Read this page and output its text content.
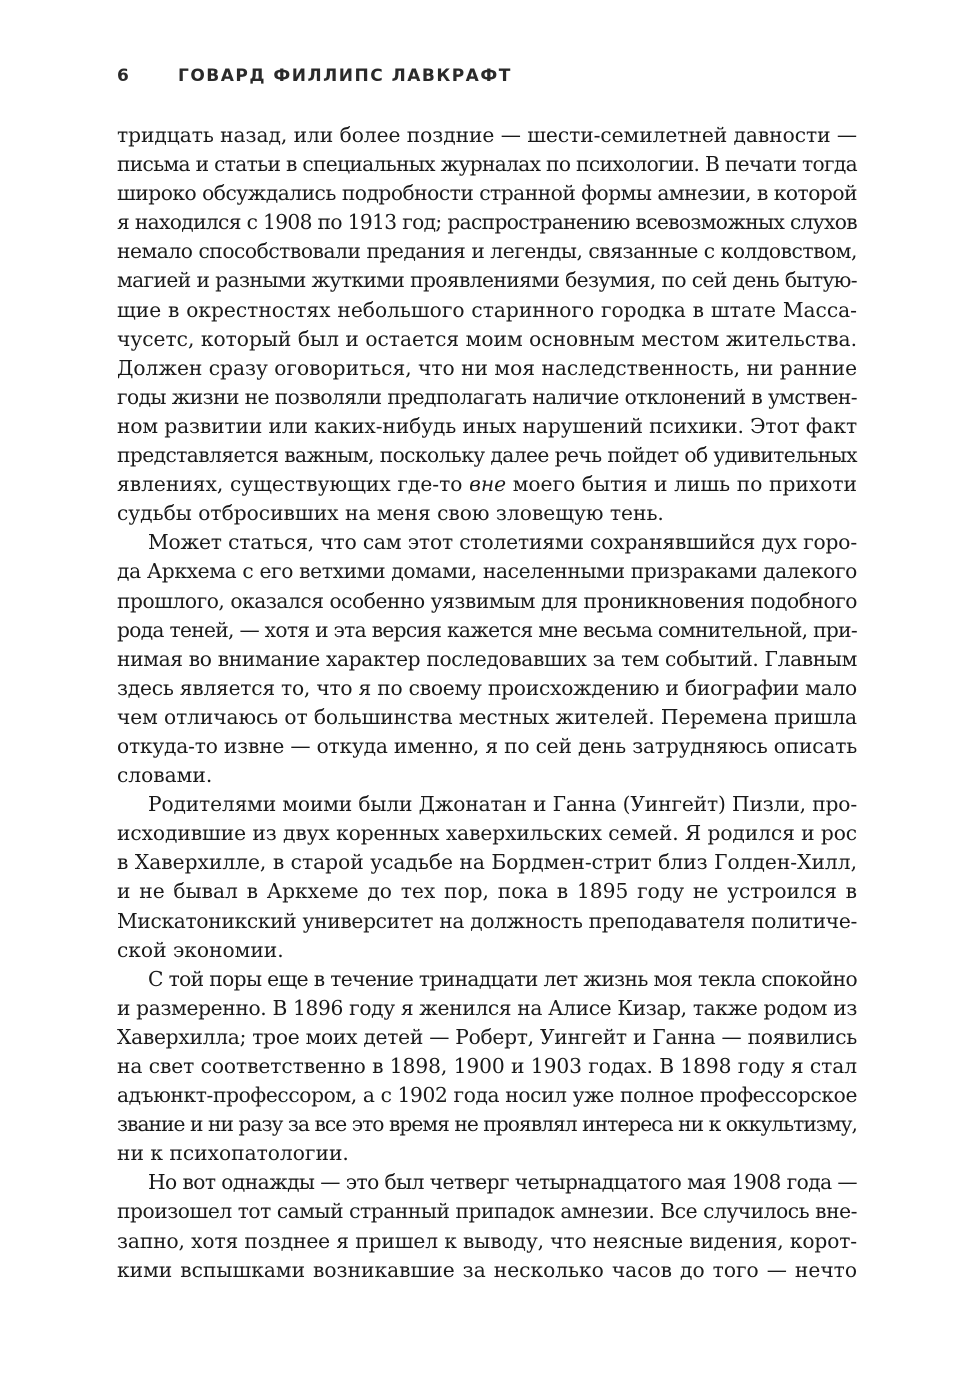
6	ГОВАРД ФИЛЛИПС ЛАВКРАФТ
тридцать назад, или более поздние — шести-семилетней давности —
письма и статьи в специальных журналах по психологии. В печати тогда
широко обсуждались подробности странной формы амнезии, в которой
я находился с 1908 по 1913 год; распространению всевозможных слухов
немало способствовали предания и легенды, связанные с колдовством,
магией и разными жуткими проявлениями безумия, по сей день бытую-
щие в окрестностях небольшого старинного городка в штате Масса-
чусетс, который был и остается моим основным местом жительства.
Должен сразу оговориться, что ни моя наследственность, ни ранние
годы жизни не позволяли предполагать наличие отклонений в умствен-
ном развитии или каких-нибудь иных нарушений психики. Этот факт
представляется важным, поскольку далее речь пойдет об удивительных
явлениях, существующих где-то вне моего бытия и лишь по прихоти
судьбы отбросивших на меня свою зловещую тень.
Может статься, что сам этот столетиями сохранявшийся дух горо-
да Аркхема с его ветхими домами, населенными призраками далекого
прошлого, оказался особенно уязвимым для проникновения подобного
рода теней, — хотя и эта версия кажется мне весьма сомнительной, при-
нимая во внимание характер последовавших за тем событий. Главным
здесь является то, что я по своему происхождению и биографии мало
чем отличаюсь от большинства местных жителей. Перемена пришла
откуда-то извне — откуда именно, я по сей день затрудняюсь описать
словами.
Родителями моими были Джонатан и Ганна (Уингейт) Пизли, про-
исходившие из двух коренных хаверхильских семей. Я родился и рос
в Хаверхилле, в старой усадьбе на Бордмен-стрит близ Голден-Хилл,
и не бывал в Аркхеме до тех пор, пока в 1895 году не устроился в
Мискатоникский университет на должность преподавателя политиче-
ской экономии.
С той поры еще в течение тринадцати лет жизнь моя текла спокойно
и размеренно. В 1896 году я женился на Алисе Кизар, также родом из
Хаверхилла; трое моих детей — Роберт, Уингейт и Ганна — появились
на свет соответственно в 1898, 1900 и 1903 годах. В 1898 году я стал
адъюнкт-профессором, а с 1902 года носил уже полное профессорское
звание и ни разу за все это время не проявлял интереса ни к оккультизму,
ни к психопатологии.
Но вот однажды — это был четверг четырнадцатого мая 1908 года —
произошел тот самый странный припадок амнезии. Все случилось вне-
запно, хотя позднее я пришел к выводу, что неясные видения, корот-
кими вспышками возникавшие за несколько часов до того — нечто
